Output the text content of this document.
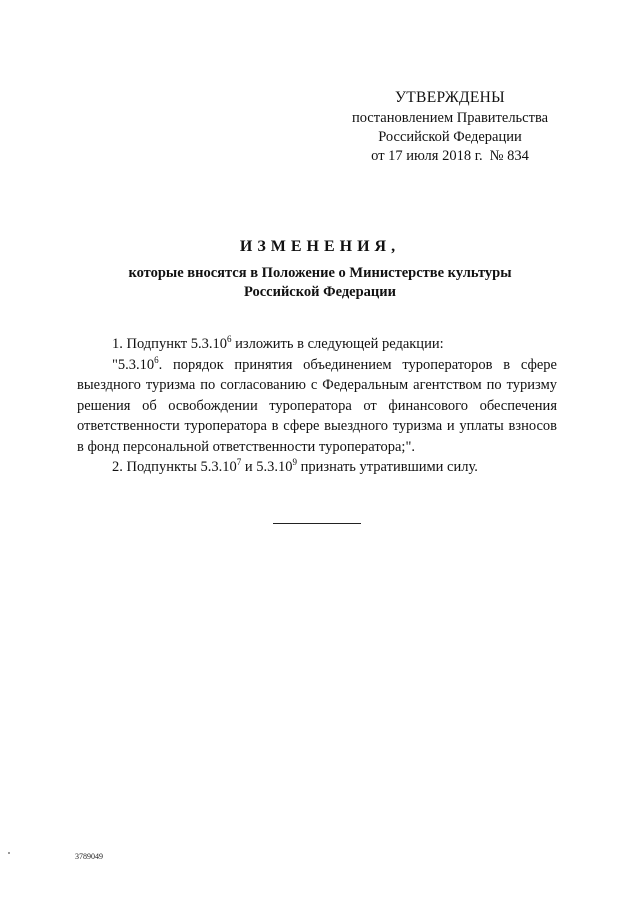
УТВЕРЖДЕНЫ
постановлением Правительства
Российской Федерации
от 17 июля 2018 г. № 834
ИЗМЕНЕНИЯ,
которые вносятся в Положение о Министерстве культуры
Российской Федерации

1. Подпункт 5.3.10$^6$ изложить в следующей редакции:

"5.3.10$^6$. порядок принятия объединением туроператоров в сфере выездного туризма по согласованию с Федеральным агентством по туризму решения об освобождении туроператора от финансового обеспечения ответственности туроператора в сфере выездного туризма и уплаты взносов в фонд персональной ответственности туроператора;".

2. Подпункты 5.3.10$^7$ и 5.3.10$^9$ признать утратившими силу.

3789049
